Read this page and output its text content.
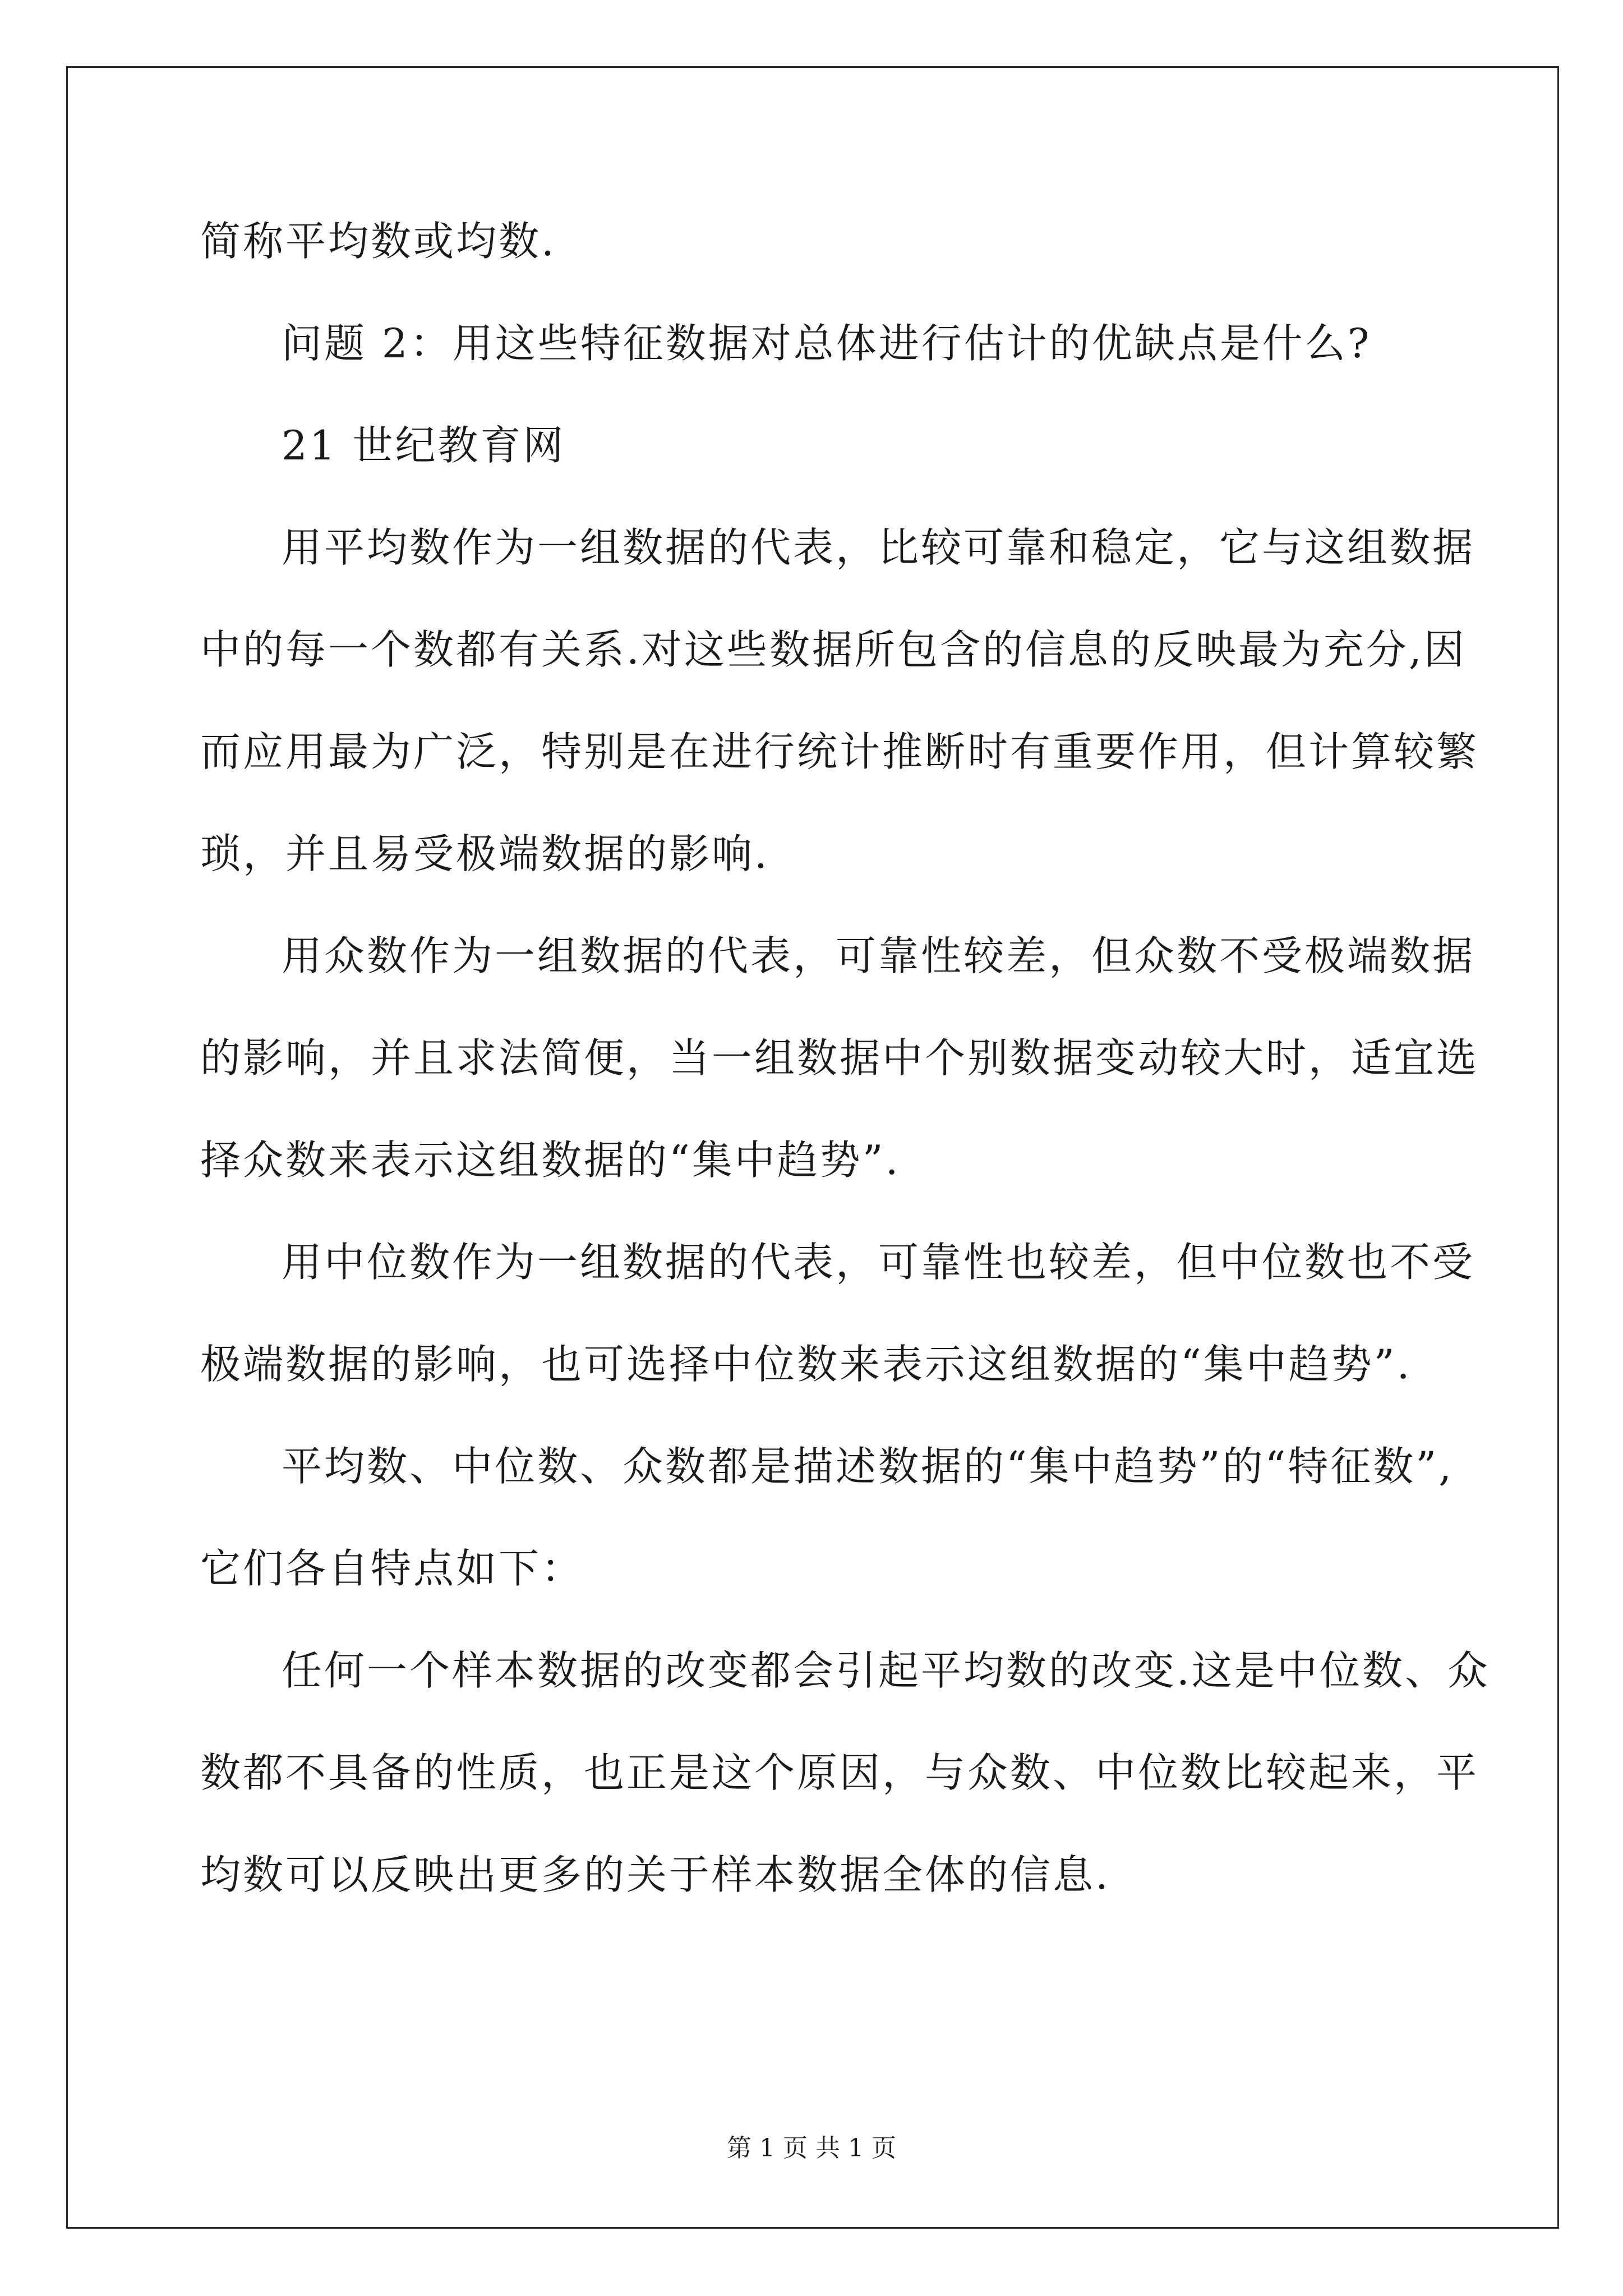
简称平均数或均数.
问题 2：用这些特征数据对总体进行估计的优缺点是什么?
21 世纪教育网
用平均数作为一组数据的代表，比较可靠和稳定，它与这组数据
中的每一个数都有关系.对这些数据所包含的信息的反映最为充分,因
而应用最为广泛，特别是在进行统计推断时有重要作用，但计算较繁
琐，并且易受极端数据的影响.
用众数作为一组数据的代表，可靠性较差，但众数不受极端数据
的影响，并且求法简便，当一组数据中个别数据变动较大时，适宜选
择众数来表示这组数据的“集中趋势”.
用中位数作为一组数据的代表，可靠性也较差，但中位数也不受
极端数据的影响，也可选择中位数来表示这组数据的“集中趋势”.
平均数、中位数、众数都是描述数据的“集中趋势”的“特征数”,
它们各自特点如下：
任何一个样本数据的改变都会引起平均数的改变.这是中位数、众
数都不具备的性质，也正是这个原因，与众数、中位数比较起来，平
均数可以反映出更多的关于样本数据全体的信息.
第 1 页 共 1 页
